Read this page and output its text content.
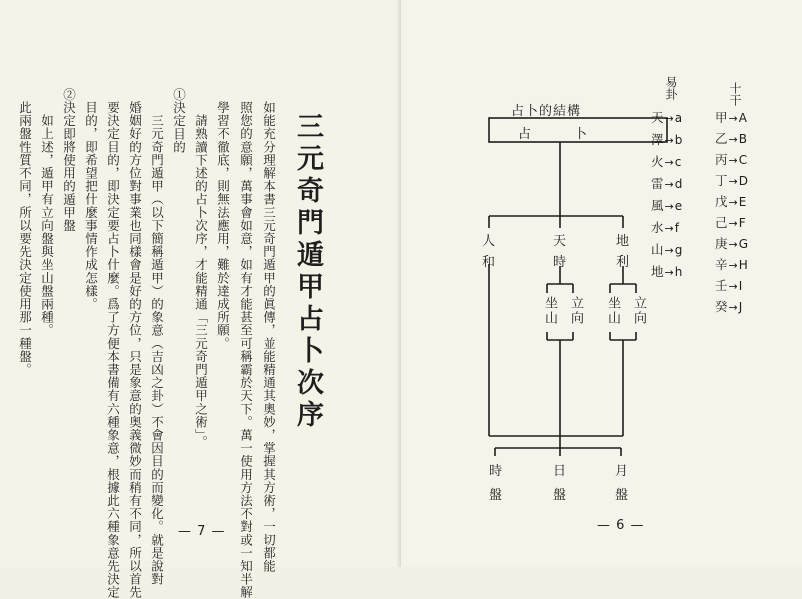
三元奇門遁甲占卜次序
如能充分理解本書三元奇門遁甲的眞傳，並能精通其奧妙，掌握其方術，一切都能
照您的意願，萬事會如意，如有才能甚至可稱霸於天下。萬一使用方法不對或一知半解
學習不徹底，則無法應用，難於達成所願。
　請熟讀下述的占卜次序，才能精通「三元奇門遁甲之術」。
①決定目的
　三元奇門遁甲（以下簡稱遁甲）的象意（吉凶之卦）不會因目的而變化。就是說對
婚姻好的方位對事業也同樣會是好的方位，只是象意的奥義微妙而稍有不同，所以首先
要決定目的，即決定要占卜什麼。爲了方便本書備有六種象意，根據此六種象意先決定
目的，即希望把什麼事情作成怎樣。
②決定即將使用的遁甲盤
　如上述，遁甲有立向盤與坐山盤兩種。
此兩盤性質不同，所以要先決定使用那一種盤。
— 7 —
占卜的結構
占	卜
人
和
天
時
地
利
坐山 立向 坐山 立向
時
盤
日
盤
月
盤
易卦
天→a
澤→b
火→c
雷→d
風→e
水→f
山→g
地→h
十干
甲→A
乙→B
丙→C
丁→D
戊→E
己→F
庚→G
辛→H
壬→I
癸→J
— 6 —
